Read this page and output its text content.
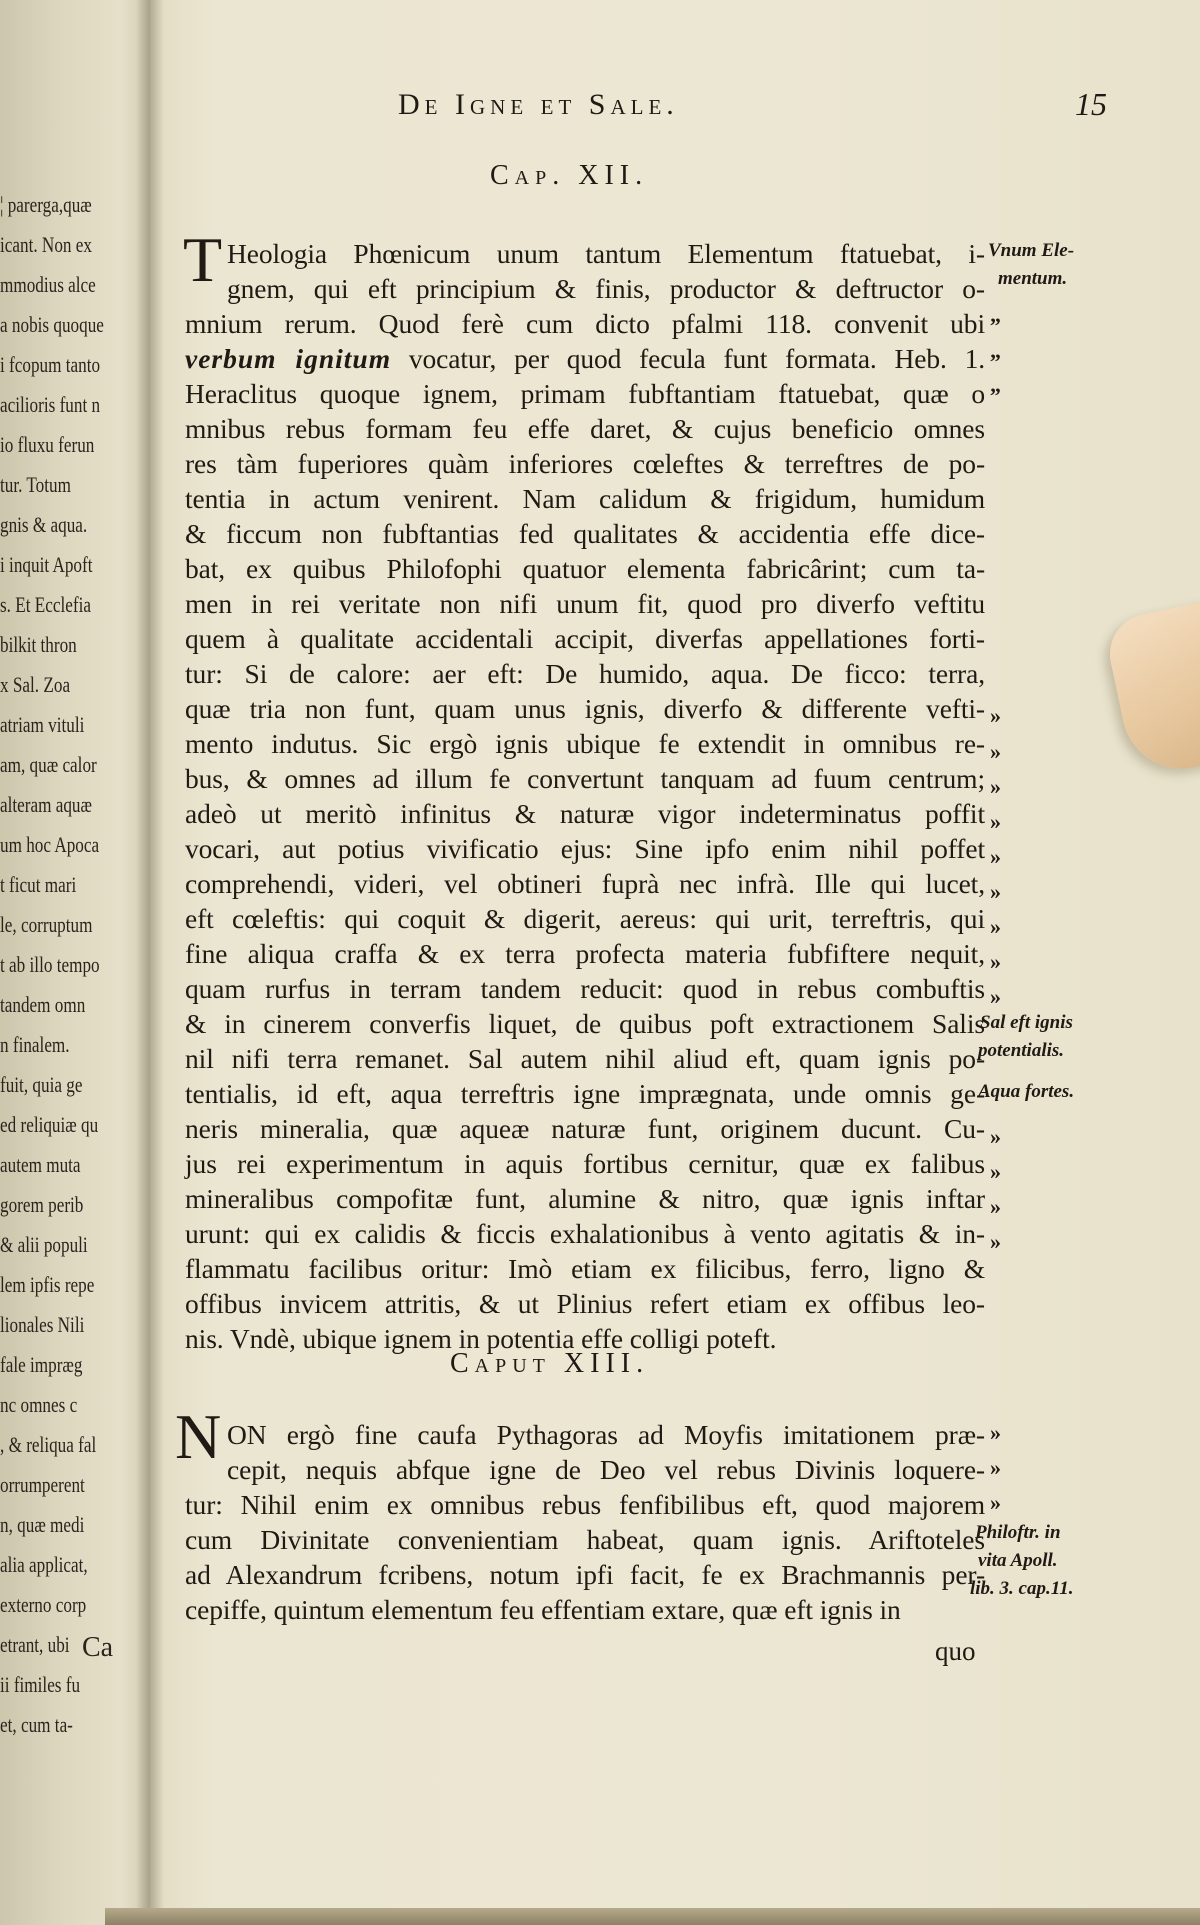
¦ parerga,quæ
icant. Non ex
mmodius alce
a nobis quoque
i fcopum tanto
acilioris funt n
io fluxu ferun
tur. Totum
gnis & aqua.
i inquit Apoft
s. Et Ecclefia
bilkit thron
x Sal. Zoa
atriam vituli
am, quæ calor
alteram aquæ
um hoc Apoca
t ficut mari
le, corruptum
t ab illo tempo
tandem omn
n finalem.
fuit, quia ge
ed reliquiæ qu
autem muta
gorem perib
& alii populi
lem ipfis repe
lionales Nili
fale impræg
nc omnes c
, & reliqua fal
orrumperent
n, quæ medi
alia applicat,
externo corp
etrant, ubi
ii fimiles fu
et, cum ta-
Ca
De Igne et Sale.	15
Cap. XII.
T Heologia Phœnicum unum tantum Elementum ftatuebat, i-
gnem, qui eft principium & finis, productor & deftructor o-
mnium rerum. Quod ferè cum dicto pfalmi 118. convenit ubi
verbum ignitum vocatur, per quod fecula funt formata. Heb. 1.
Heraclitus quoque ignem, primam fubftantiam ftatuebat, quæ o
mnibus rebus formam feu effe daret, & cujus beneficio omnes
res tàm fuperiores quàm inferiores cœleftes & terreftres de po-
tentia in actum venirent. Nam calidum & frigidum, humidum
& ficcum non fubftantias fed qualitates & accidentia effe dice-
bat, ex quibus Philofophi quatuor elementa fabricârint; cum ta-
men in rei veritate non nifi unum fit, quod pro diverfo veftitu
quem à qualitate accidentali accipit, diverfas appellationes forti-
tur: Si de calore: aer eft: De humido, aqua. De ficco: terra,
quæ tria non funt, quam unus ignis, diverfo & differente vefti-
mento indutus. Sic ergò ignis ubique fe extendit in omnibus re-
bus, & omnes ad illum fe convertunt tanquam ad fuum centrum;
adeò ut meritò infinitus & naturæ vigor indeterminatus poffit
vocari, aut potius vivificatio ejus: Sine ipfo enim nihil poffet
comprehendi, videri, vel obtineri fuprà nec infrà. Ille qui lucet,
eft cœleftis: qui coquit & digerit, aereus: qui urit, terreftris, qui
fine aliqua craffa & ex terra profecta materia fubfiftere nequit,
quam rurfus in terram tandem reducit: quod in rebus combuftis
& in cinerem converfis liquet, de quibus poft extractionem Salis
nil nifi terra remanet. Sal autem nihil aliud eft, quam ignis po-
tentialis, id eft, aqua terreftris igne imprægnata, unde omnis ge-
neris mineralia, quæ aqueæ naturæ funt, originem ducunt. Cu-
jus rei experimentum in aquis fortibus cernitur, quæ ex falibus
mineralibus compofitæ funt, alumine & nitro, quæ ignis inftar
urunt: qui ex calidis & ficcis exhalationibus à vento agitatis & in-
flammatu facilibus oritur: Imò etiam ex filicibus, ferro, ligno &
offibus invicem attritis, & ut Plinius refert etiam ex offibus leo-
nis. Vndè, ubique ignem in potentia effe colligi poteft.
Caput XIII.
N ON ergò fine caufa Pythagoras ad Moyfis imitationem præ-
cepit, nequis abfque igne de Deo vel rebus Divinis loquere-
tur: Nihil enim ex omnibus rebus fenfibilibus eft, quod majorem
cum Divinitate convenientiam habeat, quam ignis. Ariftoteles
ad Alexandrum fcribens, notum ipfi facit, fe ex Brachmannis per-
cepiffe, quintum elementum feu effentiam extare, quæ eft ignis in
quo
„
„
„
»
»
»
»
»
»
»
»
»
»
»
»
»
»
»
»
Vnum Ele-
mentum.
Sal eft ignis
potentialis.
Aqua fortes.
Philoftr. in
vita Apoll.
lib. 3. cap.11.
